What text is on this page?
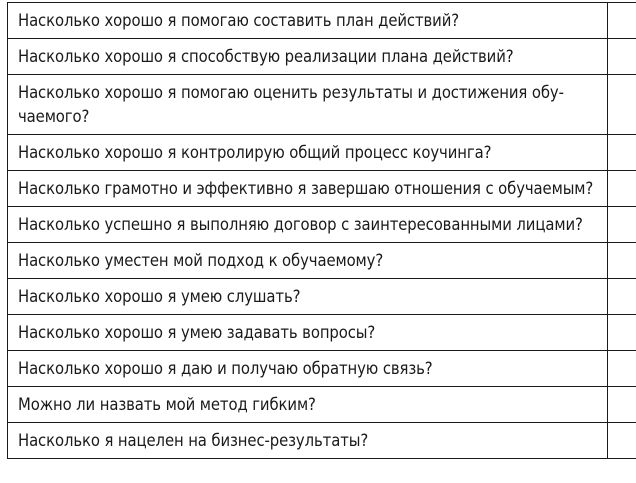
Насколько хорошо я помогаю составить план действий?	
Насколько хорошо я способствую реализации плана действий?	
Насколько хорошо я помогаю оценить результаты и достижения обу-
чаемого?	
Насколько хорошо я контролирую общий процесс коучинга?	
Насколько грамотно и эффективно я завершаю отношения с обучаемым?	
Насколько успешно я выполняю договор с заинтересованными лицами?	
Насколько уместен мой подход к обучаемому?	
Насколько хорошо я умею слушать?	
Насколько хорошо я умею задавать вопросы?	
Насколько хорошо я даю и получаю обратную связь?	
Можно ли назвать мой метод гибким?	
Насколько я нацелен на бизнес-результаты?	
